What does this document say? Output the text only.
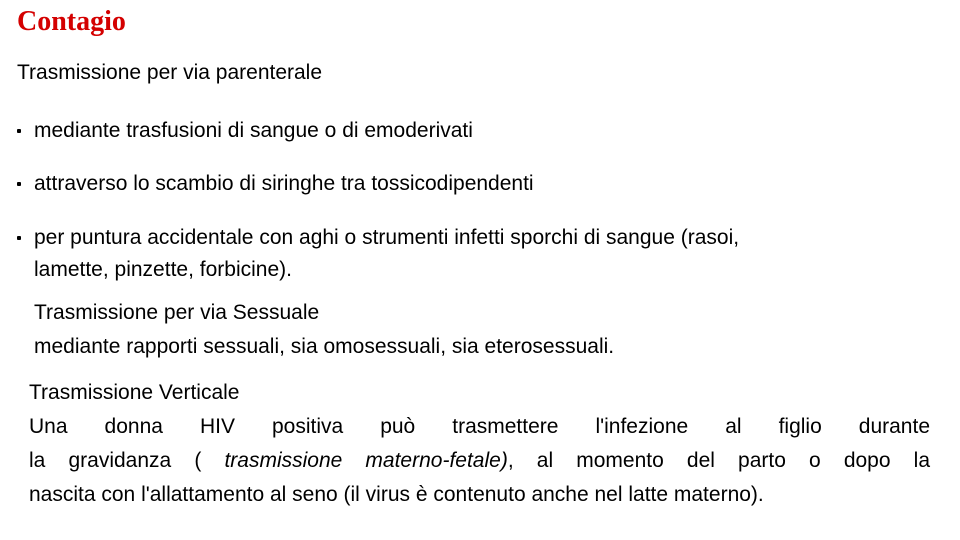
Contagio
Trasmissione per via parenterale
mediante trasfusioni di sangue o di emoderivati
attraverso lo scambio di siringhe tra tossicodipendenti
per puntura accidentale con aghi o strumenti infetti sporchi di sangue (rasoi,
lamette, pinzette, forbicine).
Trasmissione per via Sessuale
mediante rapporti sessuali, sia omosessuali, sia eterosessuali.
Trasmissione Verticale
Una donna HIV positiva può trasmettere l'infezione al figlio durante
la gravidanza ( trasmissione materno-fetale), al momento del parto o dopo la
nascita con l'allattamento al seno (il virus è contenuto anche nel latte materno).
